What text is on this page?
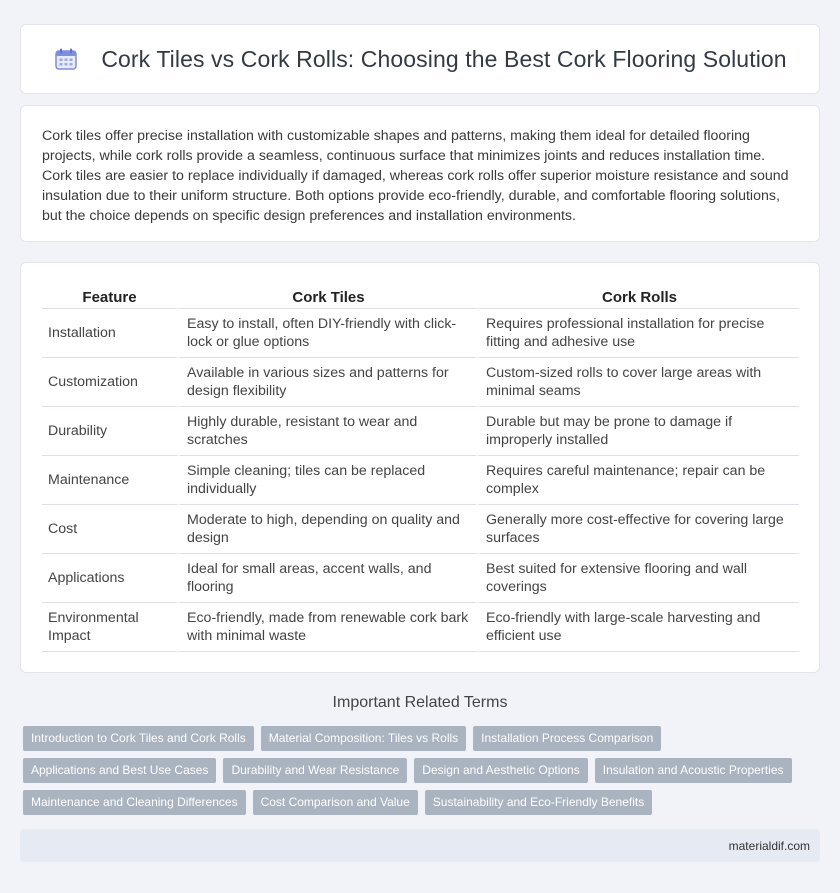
Cork Tiles vs Cork Rolls: Choosing the Best Cork Flooring Solution

Cork tiles offer precise installation with customizable shapes and patterns, making them ideal for detailed flooring projects, while cork rolls provide a seamless, continuous surface that minimizes joints and reduces installation time. Cork tiles are easier to replace individually if damaged, whereas cork rolls offer superior moisture resistance and sound insulation due to their uniform structure. Both options provide eco-friendly, durable, and comfortable flooring solutions, but the choice depends on specific design preferences and installation environments.

Feature	Cork Tiles	Cork Rolls
Installation	Easy to install, often DIY-friendly with click-lock or glue options	Requires professional installation for precise fitting and adhesive use
Customization	Available in various sizes and patterns for design flexibility	Custom-sized rolls to cover large areas with minimal seams
Durability	Highly durable, resistant to wear and scratches	Durable but may be prone to damage if improperly installed
Maintenance	Simple cleaning; tiles can be replaced individually	Requires careful maintenance; repair can be complex
Cost	Moderate to high, depending on quality and design	Generally more cost-effective for covering large surfaces
Applications	Ideal for small areas, accent walls, and flooring	Best suited for extensive flooring and wall coverings
Environmental Impact	Eco-friendly, made from renewable cork bark with minimal waste	Eco-friendly with large-scale harvesting and efficient use
Important Related Terms
Introduction to Cork Tiles and Cork Rolls	Material Composition: Tiles vs Rolls	Installation Process Comparison
Applications and Best Use Cases	Durability and Wear Resistance	Design and Aesthetic Options	Insulation and Acoustic Properties
Maintenance and Cleaning Differences	Cost Comparison and Value	Sustainability and Eco-Friendly Benefits
materialdif.com
